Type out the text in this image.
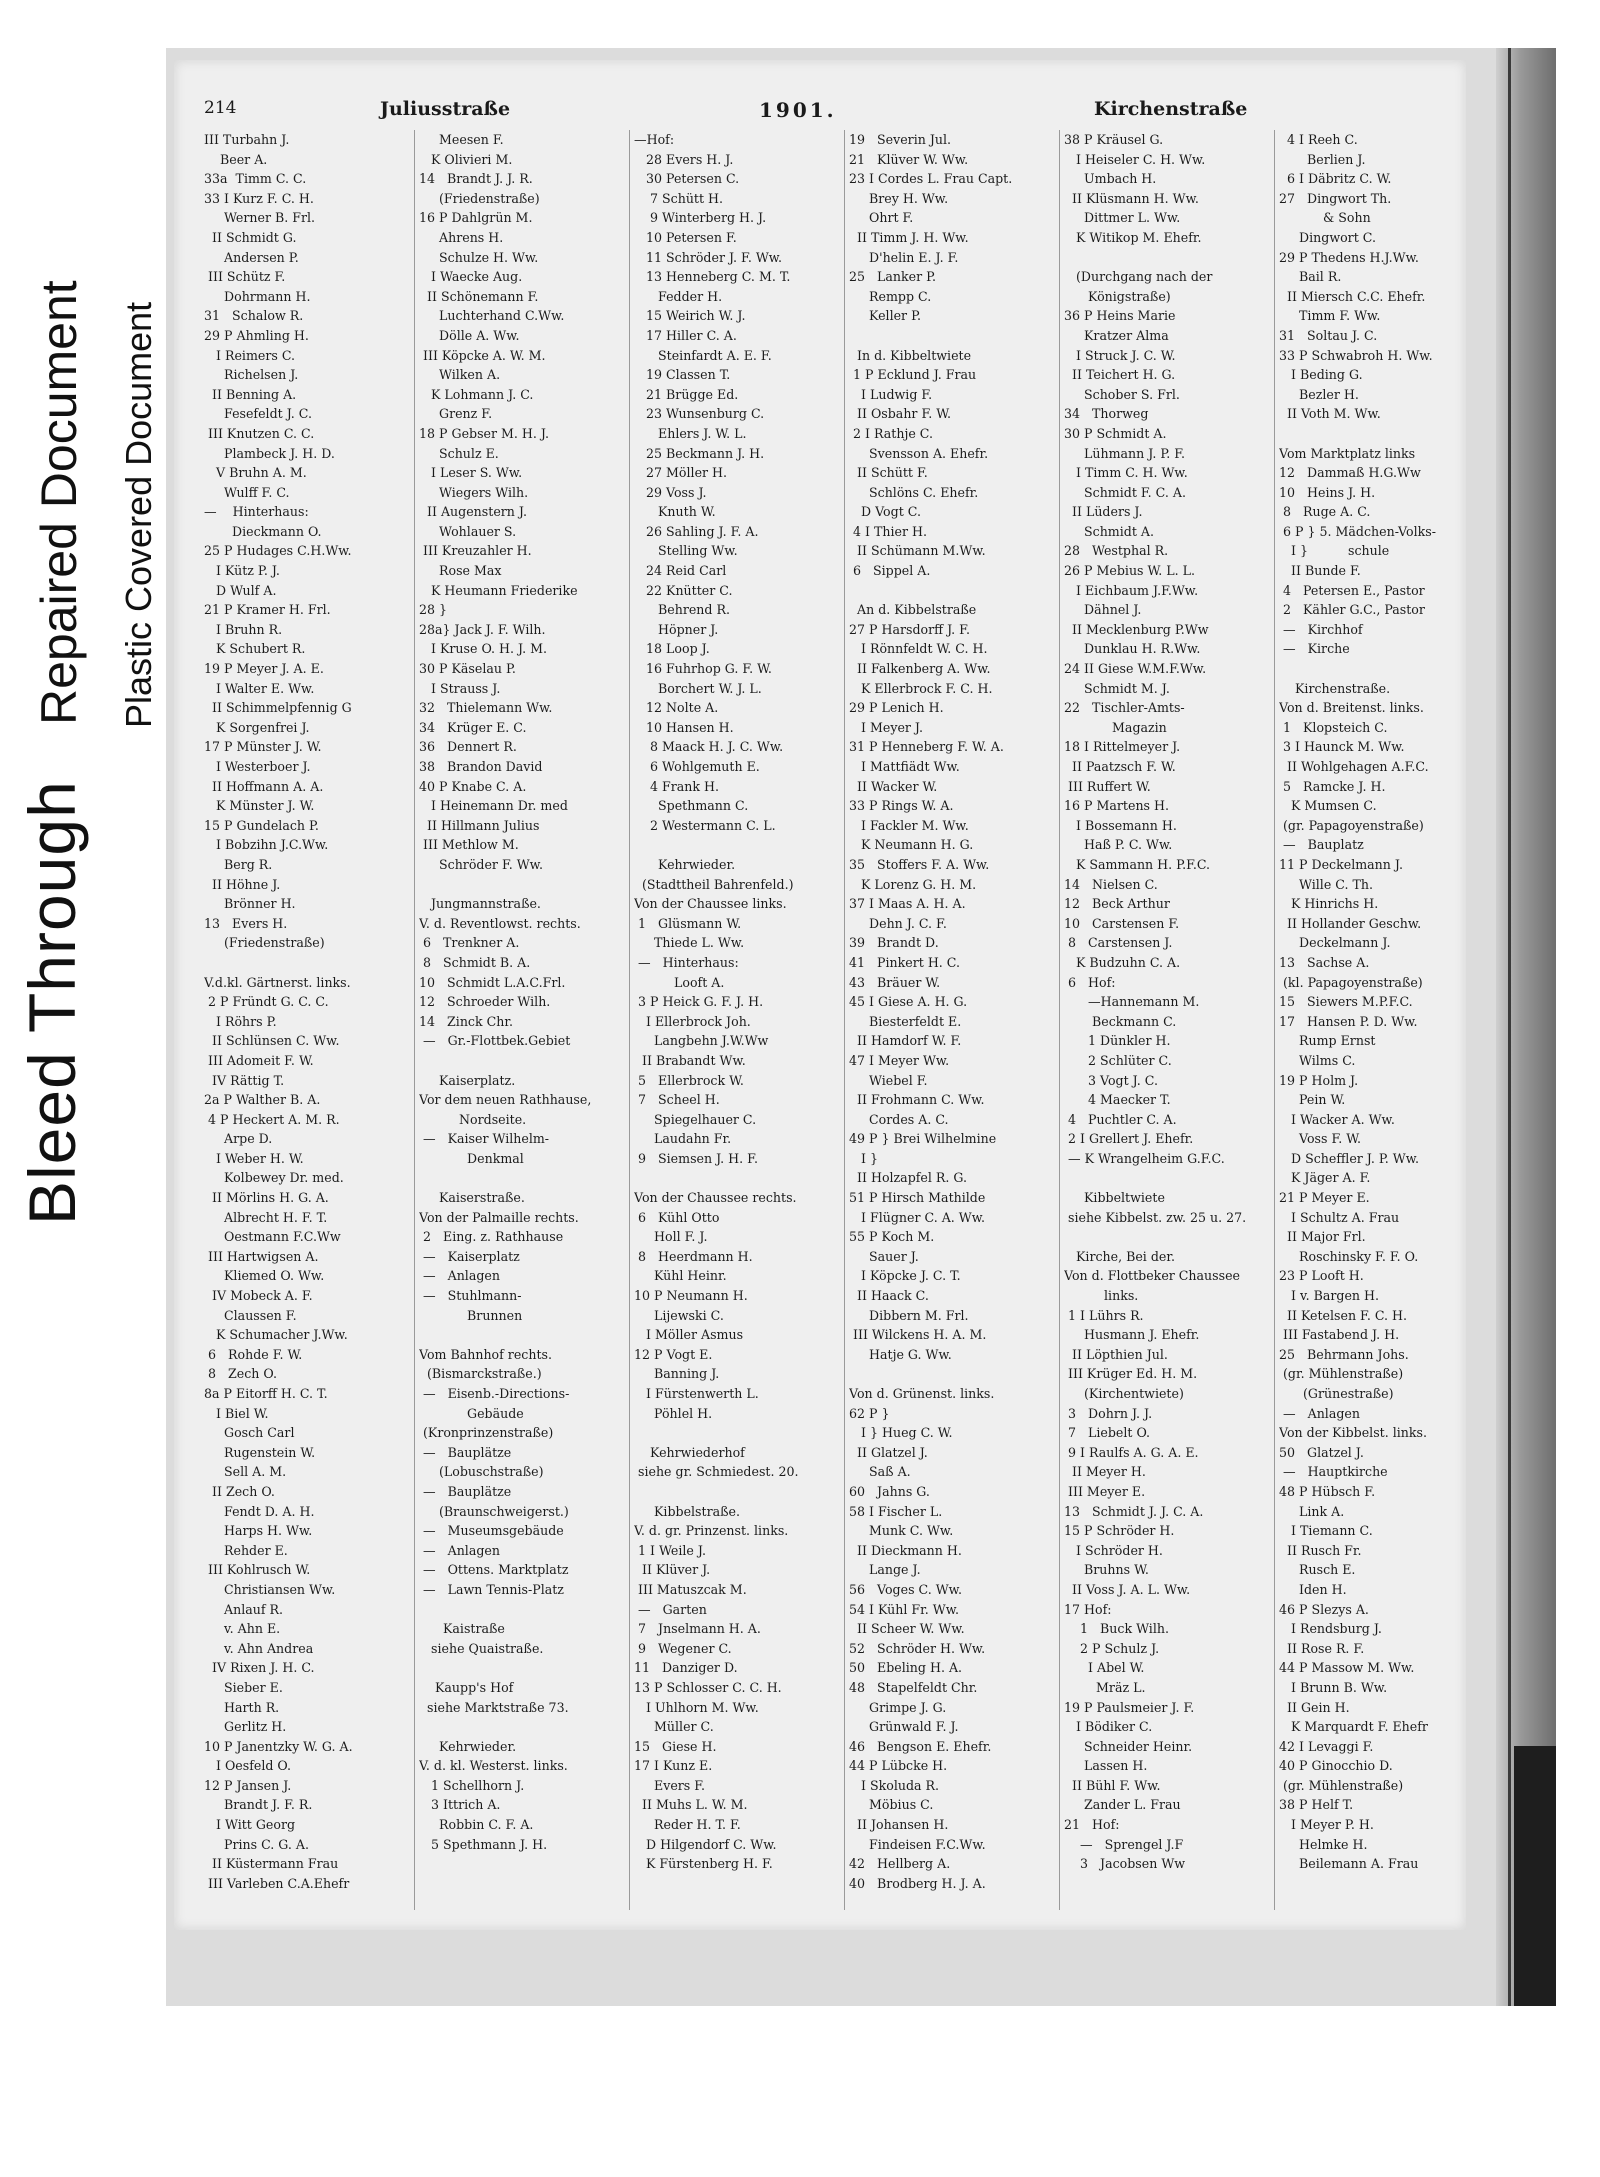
Bleed Through
Repaired Document Plastic Covered Document
214	Juliusstraße	1901.	Kirchenstraße
III Turbahn J.
Beer A.
33a  Timm C. C.
33 I Kurz F. C. H.
Werner B. Frl.
II Schmidt G.
Andersen P.
III Schütz F.
Dohrmann H.
31   Schalow R.
29 P Ahmling H.
I Reimers C.
Richelsen J.
II Benning A.
Fesefeldt J. C.
III Knutzen C. C.
Plambeck J. H. D.
V Bruhn A. M.
Wulff F. C.
—    Hinterhaus:
Dieckmann O.
25 P Hudages C.H.Ww.
I Kütz P. J.
D Wulf A.
21 P Kramer H. Frl.
I Bruhn R.
K Schubert R.
19 P Meyer J. A. E.
I Walter E. Ww.
II Schimmelpfennig G
K Sorgenfrei J.
17 P Münster J. W.
I Westerboer J.
II Hoffmann A. A.
K Münster J. W.
15 P Gundelach P.
I Bobzihn J.C.Ww.
Berg R.
II Höhne J.
Brönner H.
13   Evers H.
(Friedenstraße)
V.d.kl. Gärtnerst. links.
2 P Fründt G. C. C.
I Röhrs P.
II Schlünsen C. Ww.
III Adomeit F. W.
IV Rättig T.
2a P Walther B. A.
4 P Heckert A. M. R.
Arpe D.
I Weber H. W.
Kolbewey Dr. med.
II Mörlins H. G. A.
Albrecht H. F. T.
Oestmann F.C.Ww
III Hartwigsen A.
Kliemed O. Ww.
IV Mobeck A. F.
Claussen F.
K Schumacher J.Ww.
6   Rohde F. W.
8   Zech O.
8a P Eitorff H. C. T.
I Biel W.
Gosch Carl
Rugenstein W.
Sell A. M.
II Zech O.
Fendt D. A. H.
Harps H. Ww.
Rehder E.
III Kohlrusch W.
Christiansen Ww.
Anlauf R.
v. Ahn E.
v. Ahn Andrea
IV Rixen J. H. C.
Sieber E.
Harth R.
Gerlitz H.
10 P Janentzky W. G. A.
I Oesfeld O.
12 P Jansen J.
Brandt J. F. R.
I Witt Georg
Prins C. G. A.
II Küstermann Frau
III Varleben C.A.Ehefr
Meesen F.
K Olivieri M.
14   Brandt J. J. R.
(Friedenstraße)
16 P Dahlgrün M.
Ahrens H.
Schulze H. Ww.
I Waecke Aug.
II Schönemann F.
Luchterhand C.Ww.
Dölle A. Ww.
III Köpcke A. W. M.
Wilken A.
K Lohmann J. C.
Grenz F.
18 P Gebser M. H. J.
Schulz E.
I Leser S. Ww.
Wiegers Wilh.
II Augenstern J.
Wohlauer S.
III Kreuzahler H.
Rose Max
K Heumann Friederike
28 }
28a} Jack J. F. Wilh.
I Kruse O. H. J. M.
30 P Käselau P.
I Strauss J.
32   Thielemann Ww.
34   Krüger E. C.
36   Dennert R.
38   Brandon David
40 P Knabe C. A.
I Heinemann Dr. med
II Hillmann Julius
III Methlow M.
Schröder F. Ww.
Jungmannstraße.
V. d. Reventlowst. rechts.
6   Trenkner A.
8   Schmidt B. A.
10   Schmidt L.A.C.Frl.
12   Schroeder Wilh.
14   Zinck Chr.
—   Gr.-Flottbek.Gebiet
Kaiserplatz.
Vor dem neuen Rathhause,
Nordseite.
—   Kaiser Wilhelm-
Denkmal
Kaiserstraße.
Von der Palmaille rechts.
2   Eing. z. Rathhause
—   Kaiserplatz
—   Anlagen
—   Stuhlmann-
Brunnen
Vom Bahnhof rechts.
(Bismarckstraße.)
—   Eisenb.-Directions-
Gebäude
(Kronprinzenstraße)
—   Bauplätze
(Lobuschstraße)
—   Bauplätze
(Braunschweigerst.)
—   Museumsgebäude
—   Anlagen
—   Ottens. Marktplatz
—   Lawn Tennis-Platz
Kaistraße
siehe Quaistraße.
Kaupp's Hof
siehe Marktstraße 73.
Kehrwieder.
V. d. kl. Westerst. links.
1 Schellhorn J.
3 Ittrich A.
Robbin C. F. A.
5 Spethmann J. H.
—Hof:
28 Evers H. J.
30 Petersen C.
7 Schütt H.
9 Winterberg H. J.
10 Petersen F.
11 Schröder J. F. Ww.
13 Henneberg C. M. T.
Fedder H.
15 Weirich W. J.
17 Hiller C. A.
Steinfardt A. E. F.
19 Classen T.
21 Brügge Ed.
23 Wunsenburg C.
Ehlers J. W. L.
25 Beckmann J. H.
27 Möller H.
29 Voss J.
Knuth W.
26 Sahling J. F. A.
Stelling Ww.
24 Reid Carl
22 Knütter C.
Behrend R.
Höpner J.
18 Loop J.
16 Fuhrhop G. F. W.
Borchert W. J. L.
12 Nolte A.
10 Hansen H.
8 Maack H. J. C. Ww.
6 Wohlgemuth E.
4 Frank H.
Spethmann C.
2 Westermann C. L.
Kehrwieder.
(Stadttheil Bahrenfeld.)
Von der Chaussee links.
1   Glüsmann W.
Thiede L. Ww.
—   Hinterhaus:
Looft A.
3 P Heick G. F. J. H.
I Ellerbrock Joh.
Langbehn J.W.Ww
II Brabandt Ww.
5   Ellerbrock W.
7   Scheel H.
Spiegelhauer C.
Laudahn Fr.
9   Siemsen J. H. F.
Von der Chaussee rechts.
6   Kühl Otto
Holl F. J.
8   Heerdmann H.
Kühl Heinr.
10 P Neumann H.
Lijewski C.
I Möller Asmus
12 P Vogt E.
Banning J.
I Fürstenwerth L.
Pöhlel H.
Kehrwiederhof
siehe gr. Schmiedest. 20.
Kibbelstraße.
V. d. gr. Prinzenst. links.
1 I Weile J.
II Klüver J.
III Matuszcak M.
—   Garten
7   Jnselmann H. A.
9   Wegener C.
11   Danziger D.
13 P Schlosser C. C. H.
I Uhlhorn M. Ww.
Müller C.
15   Giese H.
17 I Kunz E.
Evers F.
II Muhs L. W. M.
Reder H. T. F.
D Hilgendorf C. Ww.
K Fürstenberg H. F.
19   Severin Jul.
21   Klüver W. Ww.
23 I Cordes L. Frau Capt.
Brey H. Ww.
Ohrt F.
II Timm J. H. Ww.
D'helin E. J. F.
25   Lanker P.
Rempp C.
Keller P.
In d. Kibbeltwiete
1 P Ecklund J. Frau
I Ludwig F.
II Osbahr F. W.
2 I Rathje C.
Svensson A. Ehefr.
II Schütt F.
Schlöns C. Ehefr.
D Vogt C.
4 I Thier H.
II Schümann M.Ww.
6   Sippel A.
An d. Kibbelstraße
27 P Harsdorff J. F.
I Rönnfeldt W. C. H.
II Falkenberg A. Ww.
K Ellerbrock F. C. H.
29 P Lenich H.
I Meyer J.
31 P Henneberg F. W. A.
I Mattfiädt Ww.
II Wacker W.
33 P Rings W. A.
I Fackler M. Ww.
K Neumann H. G.
35   Stoffers F. A. Ww.
K Lorenz G. H. M.
37 I Maas A. H. A.
Dehn J. C. F.
39   Brandt D.
41   Pinkert H. C.
43   Bräuer W.
45 I Giese A. H. G.
Biesterfeldt E.
II Hamdorf W. F.
47 I Meyer Ww.
Wiebel F.
II Frohmann C. Ww.
Cordes A. C.
49 P } Brei Wilhelmine
I }
II Holzapfel R. G.
51 P Hirsch Mathilde
I Flügner C. A. Ww.
55 P Koch M.
Sauer J.
I Köpcke J. C. T.
II Haack C.
Dibbern M. Frl.
III Wilckens H. A. M.
Hatje G. Ww.
Von d. Grünenst. links.
62 P }
I } Hueg C. W.
II Glatzel J.
Saß A.
60   Jahns G.
58 I Fischer L.
Munk C. Ww.
II Dieckmann H.
Lange J.
56   Voges C. Ww.
54 I Kühl Fr. Ww.
II Scheer W. Ww.
52   Schröder H. Ww.
50   Ebeling H. A.
48   Stapelfeldt Chr.
Grimpe J. G.
Grünwald F. J.
46   Bengson E. Ehefr.
44 P Lübcke H.
I Skoluda R.
Möbius C.
II Johansen H.
Findeisen F.C.Ww.
42   Hellberg A.
40   Brodberg H. J. A.
38 P Kräusel G.
I Heiseler C. H. Ww.
Umbach H.
II Klüsmann H. Ww.
Dittmer L. Ww.
K Witikop M. Ehefr.
(Durchgang nach der
Königstraße)
36 P Heins Marie
Kratzer Alma
I Struck J. C. W.
II Teichert H. G.
Schober S. Frl.
34   Thorweg
30 P Schmidt A.
Lühmann J. P. F.
I Timm C. H. Ww.
Schmidt F. C. A.
II Lüders J.
Schmidt A.
28   Westphal R.
26 P Mebius W. L. L.
I Eichbaum J.F.Ww.
Dähnel J.
II Mecklenburg P.Ww
Dunklau H. R.Ww.
24 II Giese W.M.F.Ww.
Schmidt M. J.
22   Tischler-Amts-
Magazin
18 I Rittelmeyer J.
II Paatzsch F. W.
III Ruffert W.
16 P Martens H.
I Bossemann H.
Haß P. C. Ww.
K Sammann H. P.F.C.
14   Nielsen C.
12   Beck Arthur
10   Carstensen F.
8   Carstensen J.
K Budzuhn C. A.
6   Hof:
—Hannemann M.
Beckmann C.
1 Dünkler H.
2 Schlüter C.
3 Vogt J. C.
4 Maecker T.
4   Puchtler C. A.
2 I Grellert J. Ehefr.
— K Wrangelheim G.F.C.
Kibbeltwiete
siehe Kibbelst. zw. 25 u. 27.
Kirche, Bei der.
Von d. Flottbeker Chaussee
links.
1 I Lührs R.
Husmann J. Ehefr.
II Löpthien Jul.
III Krüger Ed. H. M.
(Kirchentwiete)
3   Dohrn J. J.
7   Liebelt O.
9 I Raulfs A. G. A. E.
II Meyer H.
III Meyer E.
13   Schmidt J. J. C. A.
15 P Schröder H.
I Schröder H.
Bruhns W.
II Voss J. A. L. Ww.
17 Hof:
1   Buck Wilh.
2 P Schulz J.
I Abel W.
Mräz L.
19 P Paulsmeier J. F.
I Bödiker C.
Schneider Heinr.
Lassen H.
II Bühl F. Ww.
Zander L. Frau
21   Hof:
—   Sprengel J.F
3   Jacobsen Ww
4 I Reeh C.
Berlien J.
6 I Däbritz C. W.
27   Dingwort Th.
& Sohn
Dingwort C.
29 P Thedens H.J.Ww.
Bail R.
II Miersch C.C. Ehefr.
Timm F. Ww.
31   Soltau J. C.
33 P Schwabroh H. Ww.
I Beding G.
Bezler H.
II Voth M. Ww.
Vom Marktplatz links
12   Dammaß H.G.Ww
10   Heins J. H.
8   Ruge A. C.
6 P } 5. Mädchen-Volks-
I }          schule
II Bunde F.
4   Petersen E., Pastor
2   Kähler G.C., Pastor
—   Kirchhof
—   Kirche
Kirchenstraße.
Von d. Breitenst. links.
1   Klopsteich C.
3 I Haunck M. Ww.
II Wohlgehagen A.F.C.
5   Ramcke J. H.
K Mumsen C.
(gr. Papagoyenstraße)
—   Bauplatz
11 P Deckelmann J.
Wille C. Th.
K Hinrichs H.
II Hollander Geschw.
Deckelmann J.
13   Sachse A.
(kl. Papagoyenstraße)
15   Siewers M.P.F.C.
17   Hansen P. D. Ww.
Rump Ernst
Wilms C.
19 P Holm J.
Pein W.
I Wacker A. Ww.
Voss F. W.
D Scheffler J. P. Ww.
K Jäger A. F.
21 P Meyer E.
I Schultz A. Frau
II Major Frl.
Roschinsky F. F. O.
23 P Looft H.
I v. Bargen H.
II Ketelsen F. C. H.
III Fastabend J. H.
25   Behrmann Johs.
(gr. Mühlenstraße)
(Grünestraße)
—   Anlagen
Von der Kibbelst. links.
50   Glatzel J.
—   Hauptkirche
48 P Hübsch F.
Link A.
I Tiemann C.
II Rusch Fr.
Rusch E.
Iden H.
46 P Slezys A.
I Rendsburg J.
II Rose R. F.
44 P Massow M. Ww.
I Brunn B. Ww.
II Gein H.
K Marquardt F. Ehefr
42 I Levaggi F.
40 P Ginocchio D.
(gr. Mühlenstraße)
38 P Helf T.
I Meyer P. H.
Helmke H.
Beilemann A. Frau
